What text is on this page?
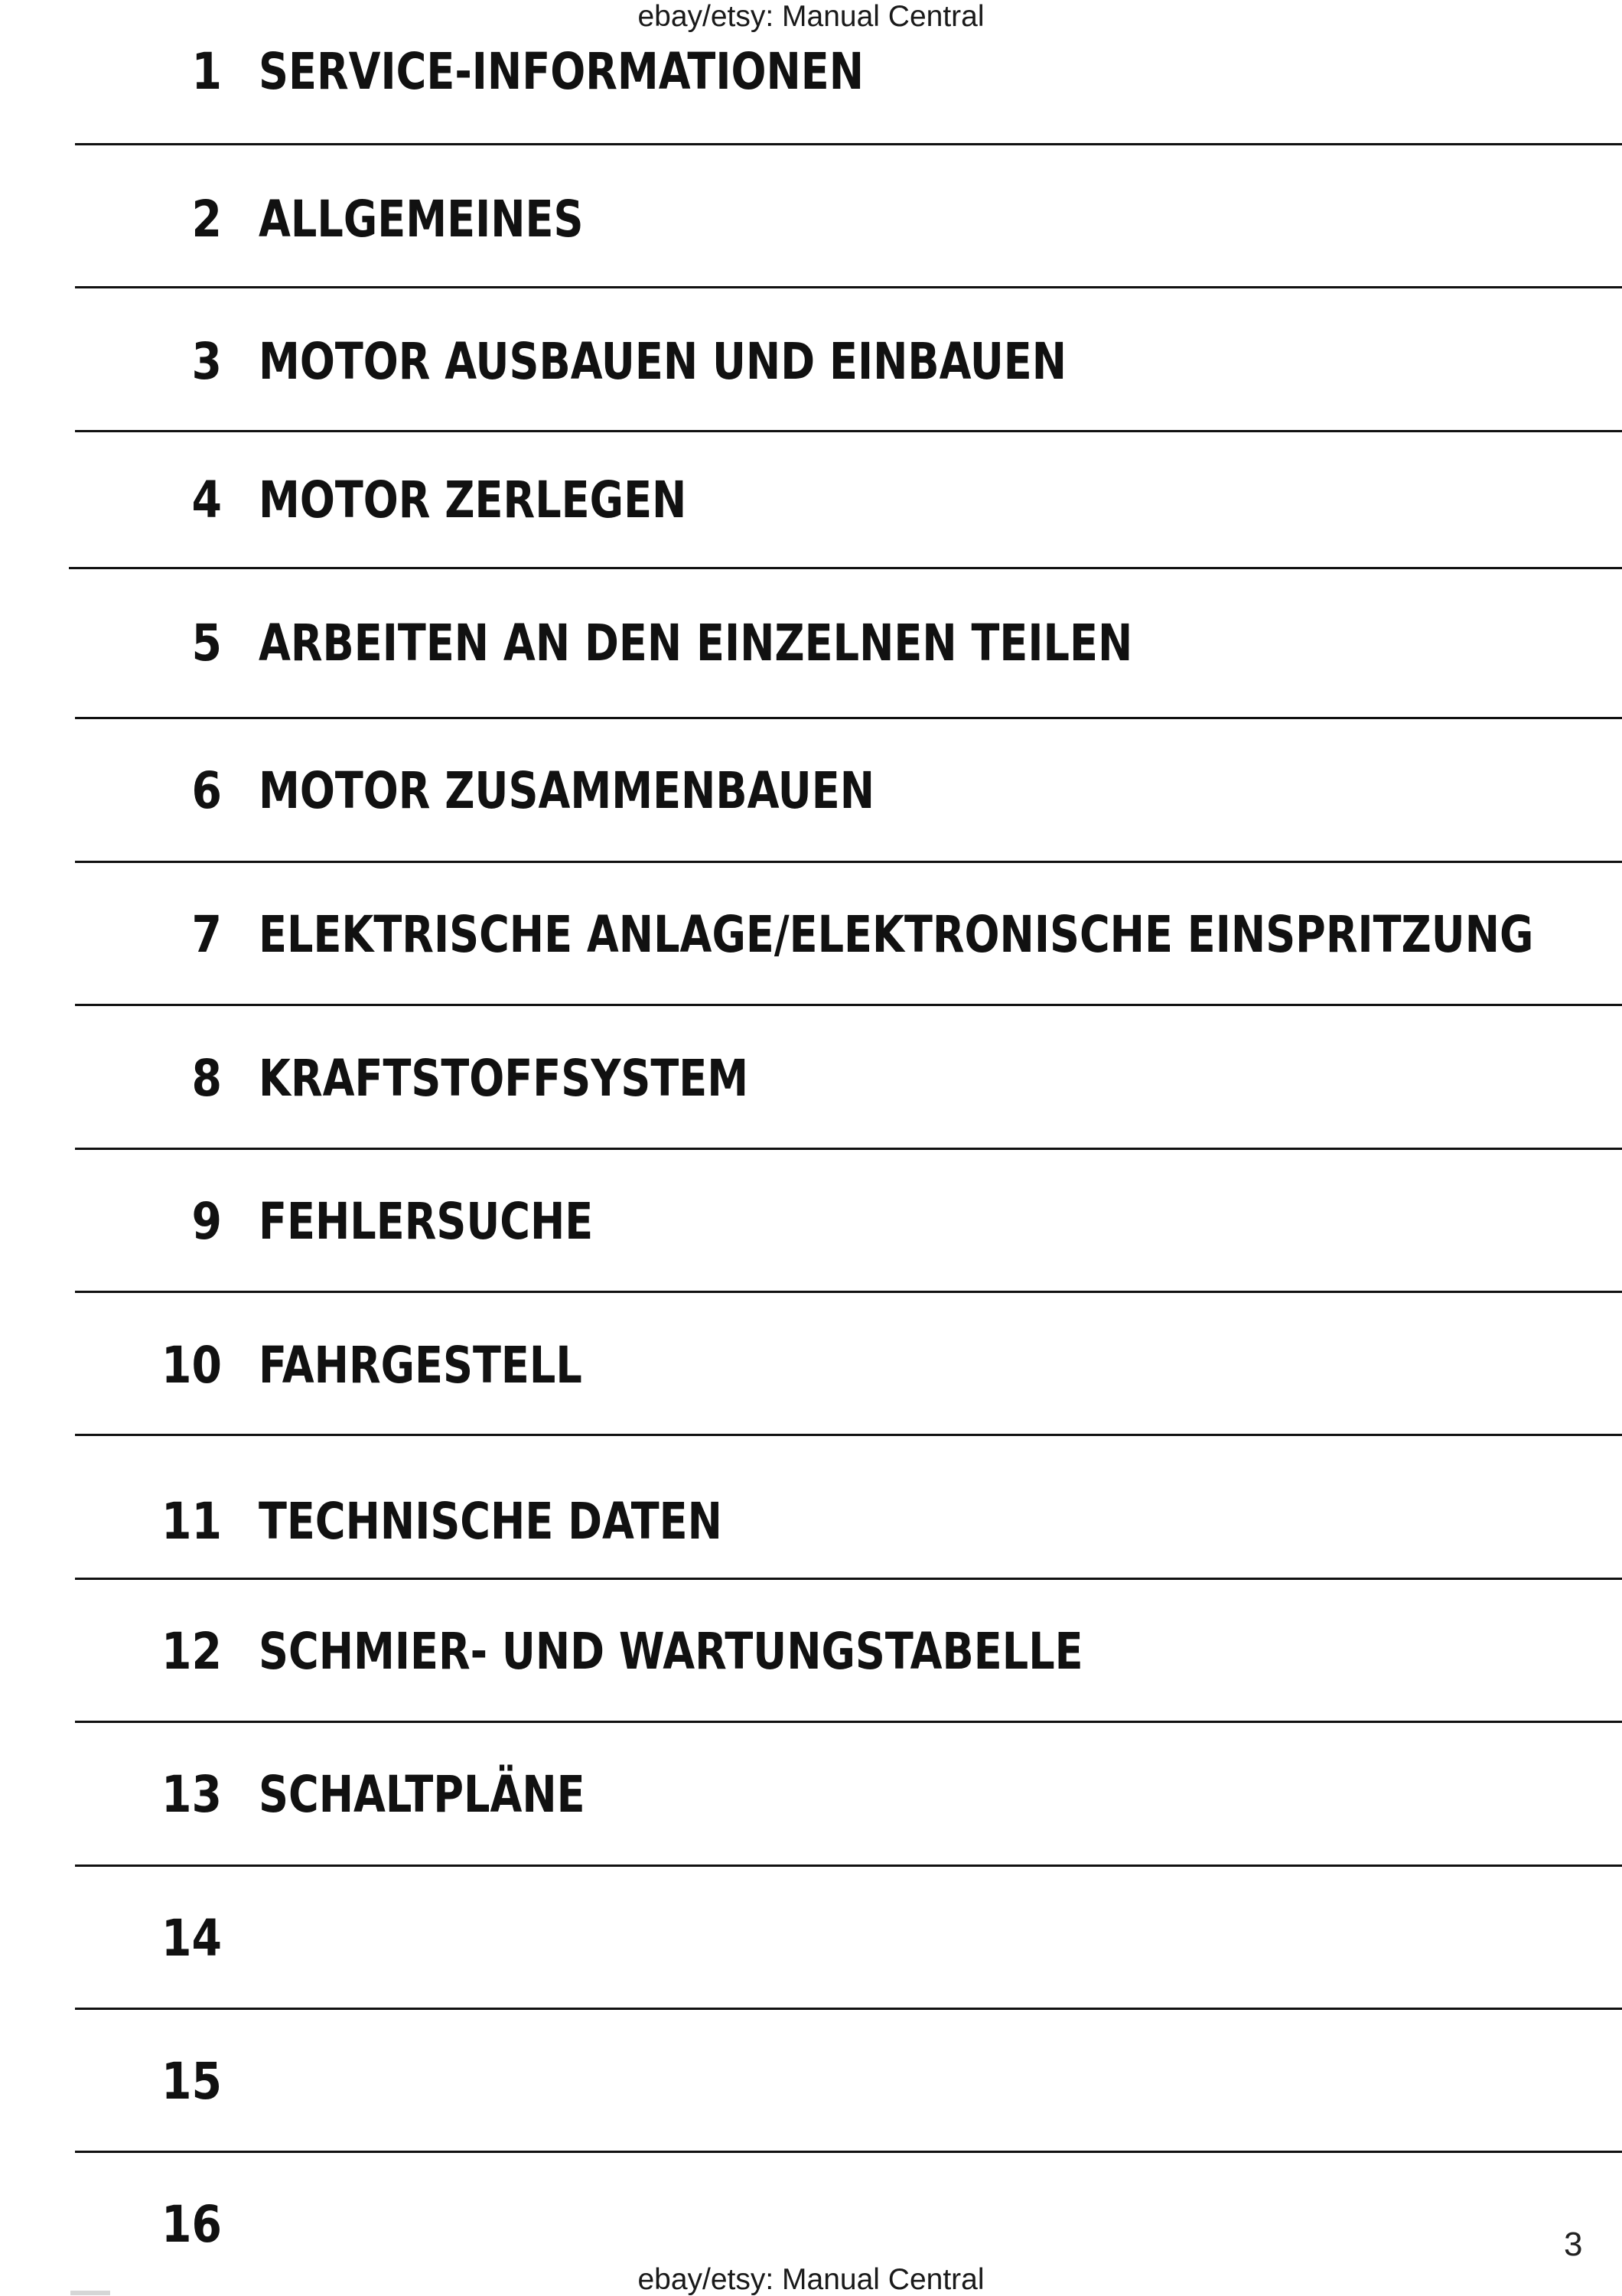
ebay/etsy: Manual Central
1 SERVICE-INFORMATIONEN
2 ALLGEMEINES
3 MOTOR AUSBAUEN UND EINBAUEN
4 MOTOR ZERLEGEN
5 ARBEITEN AN DEN EINZELNEN TEILEN
6 MOTOR ZUSAMMENBAUEN
7 ELEKTRISCHE ANLAGE/ELEKTRONISCHE EINSPRITZUNG
8 KRAFTSTOFFSYSTEM
9 FEHLERSUCHE
10 FAHRGESTELL
11 TECHNISCHE DATEN
12 SCHMIER- UND WARTUNGSTABELLE
13 SCHALTPLÄNE
14
15
16	3
ebay/etsy: Manual Central
